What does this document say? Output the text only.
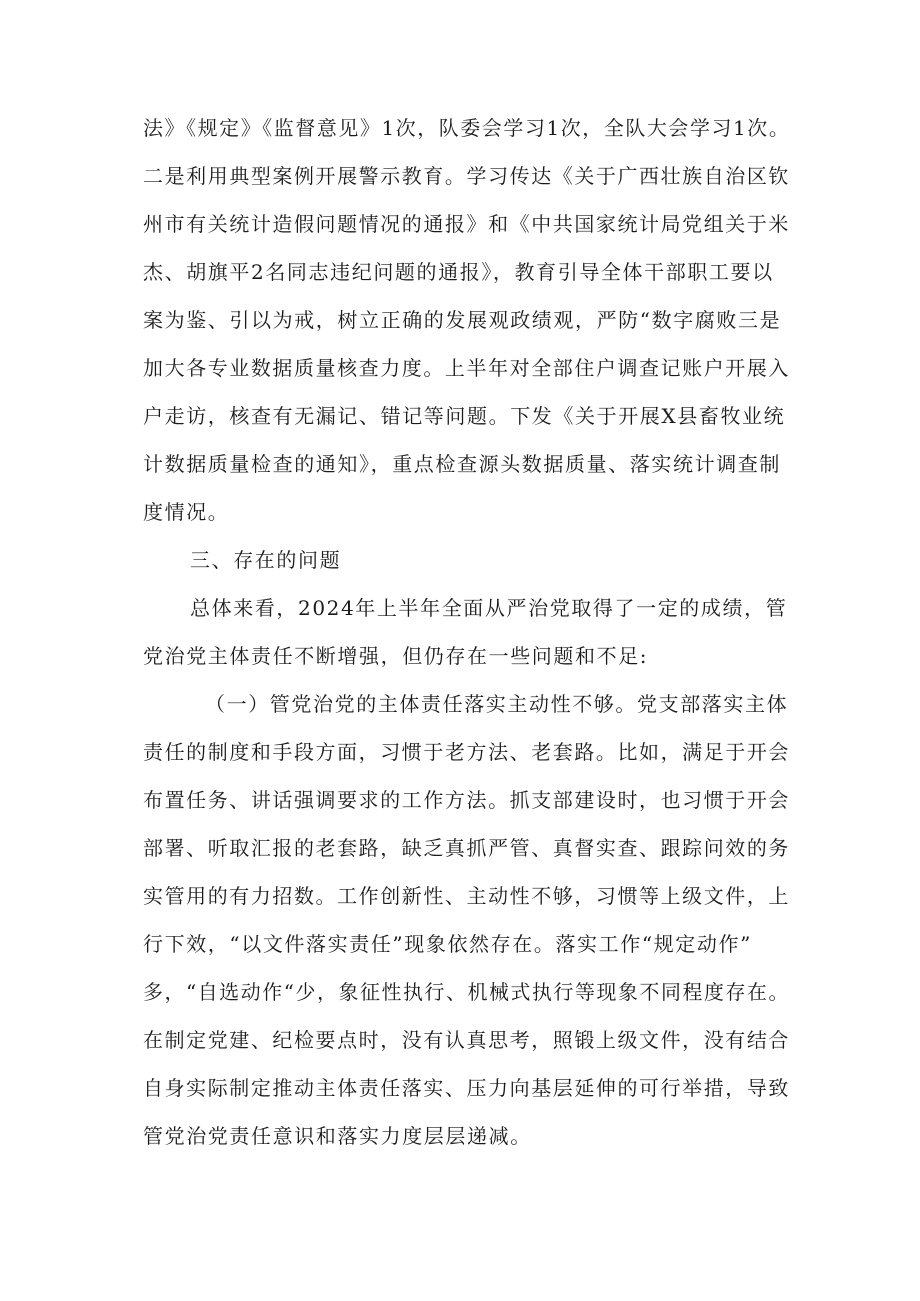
法》《规定》《监督意见》1次，队委会学习1次，全队大会学习1次。
二是利用典型案例开展警示教育。学习传达《关于广西壮族自治区钦
州市有关统计造假问题情况的通报》和《中共国家统计局党组关于米
杰、胡旗平2名同志违纪问题的通报》，教育引导全体干部职工要以
案为鉴、引以为戒，树立正确的发展观政绩观，严防“数字腐败三是
加大各专业数据质量核查力度。上半年对全部住户调查记账户开展入
户走访，核查有无漏记、错记等问题。下发《关于开展X县畜牧业统
计数据质量检查的通知》，重点检查源头数据质量、落实统计调查制
度情况。
三、存在的问题
总体来看，2024年上半年全面从严治党取得了一定的成绩，管
党治党主体责任不断增强，但仍存在一些问题和不足:
（一）管党治党的主体责任落实主动性不够。党支部落实主体
责任的制度和手段方面，习惯于老方法、老套路。比如，满足于开会
布置任务、讲话强调要求的工作方法。抓支部建设时，也习惯于开会
部署、听取汇报的老套路，缺乏真抓严管、真督实查、跟踪问效的务
实管用的有力招数。工作创新性、主动性不够，习惯等上级文件，上
行下效，“以文件落实责任”现象依然存在。落实工作“规定动作”
多，“自选动作“少，象征性执行、机械式执行等现象不同程度存在。
在制定党建、纪检要点时，没有认真思考，照锻上级文件，没有结合
自身实际制定推动主体责任落实、压力向基层延伸的可行举措，导致
管党治党责任意识和落实力度层层递减。
